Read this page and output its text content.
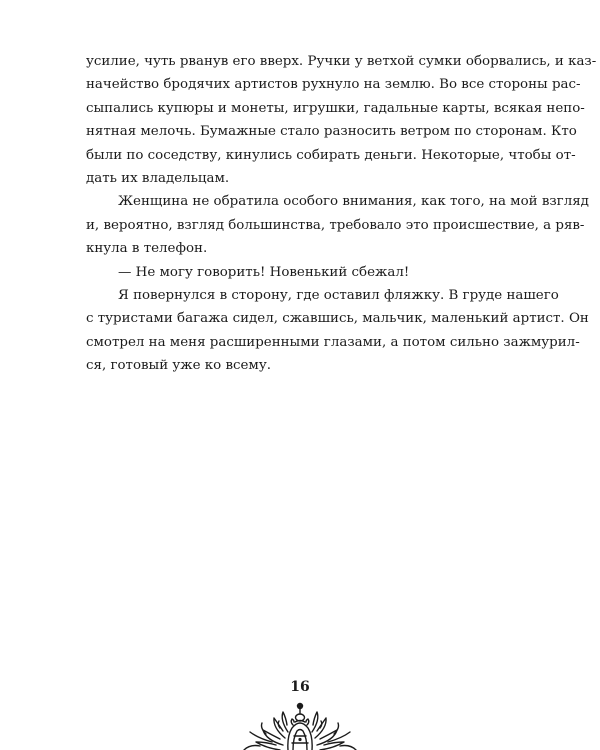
усилие, чуть рванув его вверх. Ручки у ветхой сумки оборвались, и каз-
начейство бродячих артистов рухнуло на землю. Во все стороны рас-
сыпались купюры и монеты, игрушки, гадальные карты, всякая непо-
нятная мелочь. Бумажные стало разносить ветром по сторонам. Кто
были по соседству, кинулись собирать деньги. Некоторые, чтобы от-
дать их владельцам.
Женщина не обратила особого внимания, как того, на мой взгляд
и, вероятно, взгляд большинства, требовало это происшествие, а ряв-
кнула в телефон.
— Не могу говорить! Новенький сбежал!
Я повернулся в сторону, где оставил фляжку. В груде нашего
с туристами багажа сидел, сжавшись, мальчик, маленький артист. Он
смотрел на меня расширенными глазами, а потом сильно зажмурил-
ся, готовый уже ко всему.
16
